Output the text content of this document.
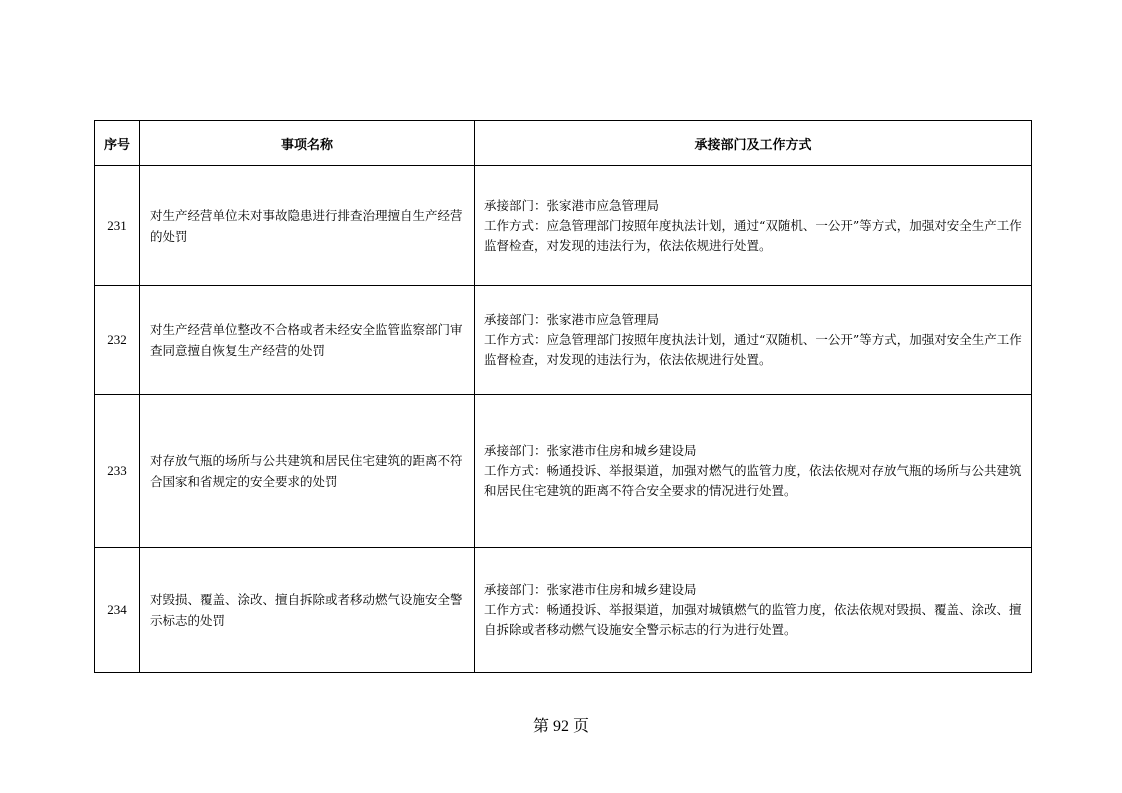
序号	事项名称	承接部门及工作方式
231	对生产经营单位未对事故隐患进行排查治理擅自生产经营的处罚	承接部门：张家港市应急管理局
工作方式：应急管理部门按照年度执法计划，通过“双随机、一公开”等方式，加强对安全生产工作监督检查，对发现的违法行为，依法依规进行处置。

232	对生产经营单位整改不合格或者未经安全监管监察部门审查同意擅自恢复生产经营的处罚	承接部门：张家港市应急管理局
工作方式：应急管理部门按照年度执法计划，通过“双随机、一公开”等方式，加强对安全生产工作监督检查，对发现的违法行为，依法依规进行处置。

233	对存放气瓶的场所与公共建筑和居民住宅建筑的距离不符合国家和省规定的安全要求的处罚	承接部门：张家港市住房和城乡建设局
工作方式：畅通投诉、举报渠道，加强对燃气的监管力度，依法依规对存放气瓶的场所与公共建筑和居民住宅建筑的距离不符合安全要求的情况进行处置。

234	对毁损、覆盖、涂改、擅自拆除或者移动燃气设施安全警示标志的处罚	承接部门：张家港市住房和城乡建设局
工作方式：畅通投诉、举报渠道，加强对城镇燃气的监管力度，依法依规对毁损、覆盖、涂改、擅自拆除或者移动燃气设施安全警示标志的行为进行处置。
第 92 页
